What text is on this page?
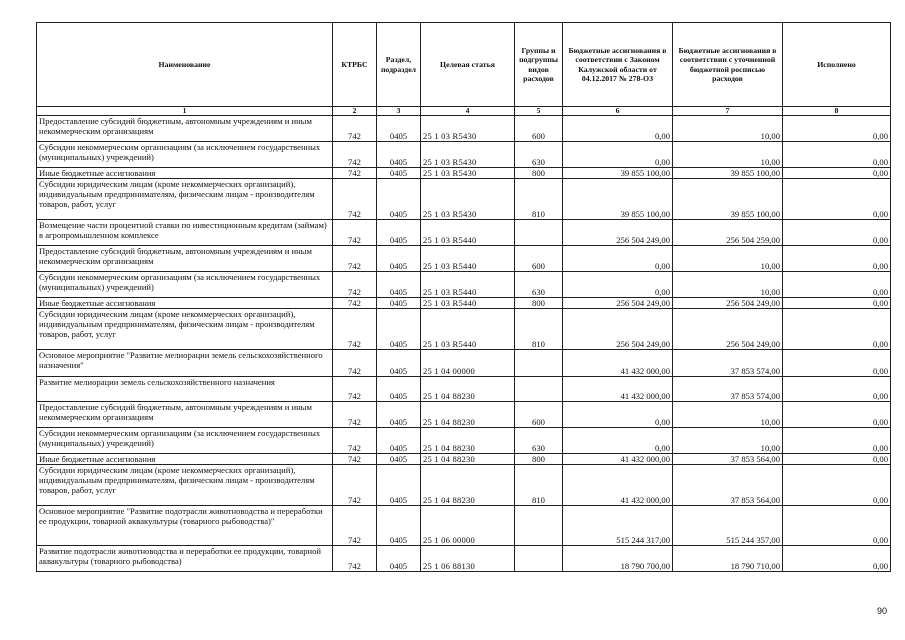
Наименование	КТРБС	Раздел, подраздел	Целевая статья	Группы и подгруппы видов расходов	Бюджетные ассигнования в соответствии с Законом Калужской области от 04.12.2017 № 278-ОЗ	Бюджетные ассигнования в соответствии с уточненной бюджетной росписью расходов	Исполнено
1	2	3	4	5	6	7	8
Предоставление субсидий бюджетным, автономным учреждениям и иным некоммерческим организациям	742	0405	25 1 03 R5430	600	0,00	10,00	0,00
Субсидии некоммерческим организациям (за исключением государственных (муниципальных) учреждений)	742	0405	25 1 03 R5430	630	0,00	10,00	0,00
Иные бюджетные ассигнования	742	0405	25 1 03 R5430	800	39 855 100,00	39 855 100,00	0,00
Субсидии юридическим лицам (кроме некоммерческих организаций), индивидуальным предпринимателям, физическим лицам - производителям товаров, работ, услуг	742	0405	25 1 03 R5430	810	39 855 100,00	39 855 100,00	0,00
Возмещение части процентной ставки по инвестиционным кредитам (займам) в агропромышленном комплексе	742	0405	25 1 03 R5440		256 504 249,00	256 504 259,00	0,00
Предоставление субсидий бюджетным, автономным учреждениям и иным некоммерческим организациям	742	0405	25 1 03 R5440	600	0,00	10,00	0,00
Субсидии некоммерческим организациям (за исключением государственных (муниципальных) учреждений)	742	0405	25 1 03 R5440	630	0,00	10,00	0,00
Иные бюджетные ассигнования	742	0405	25 1 03 R5440	800	256 504 249,00	256 504 249,00	0,00
Субсидии юридическим лицам (кроме некоммерческих организаций), индивидуальным предпринимателям, физическим лицам - производителям товаров, работ, услуг	742	0405	25 1 03 R5440	810	256 504 249,00	256 504 249,00	0,00
Основное мероприятие "Развитие мелиорации земель сельскохозяйственного назначения"	742	0405	25 1 04 00000		41 432 000,00	37 853 574,00	0,00
Развитие мелиорации земель сельскохозяйственного назначения	742	0405	25 1 04 88230		41 432 000,00	37 853 574,00	0,00
Предоставление субсидий бюджетным, автономным учреждениям и иным некоммерческим организациям	742	0405	25 1 04 88230	600	0,00	10,00	0,00
Субсидии некоммерческим организациям (за исключением государственных (муниципальных) учреждений)	742	0405	25 1 04 88230	630	0,00	10,00	0,00
Иные бюджетные ассигнования	742	0405	25 1 04 88230	800	41 432 000,00	37 853 564,00	0,00
Субсидии юридическим лицам (кроме некоммерческих организаций), индивидуальным предпринимателям, физическим лицам - производителям товаров, работ, услуг	742	0405	25 1 04 88230	810	41 432 000,00	37 853 564,00	0,00
Основное мероприятие "Развитие подотрасли животноводства и переработки ее продукции, товарной аквакультуры (товарного рыбоводства)"	742	0405	25 1 06 00000		515 244 317,00	515 244 357,00	0,00
Развитие подотрасли животноводства и переработки ее продукции, товарной аквакультуры (товарного рыбоводства)	742	0405	25 1 06 88130		18 790 700,00	18 790 710,00	0,00
90
